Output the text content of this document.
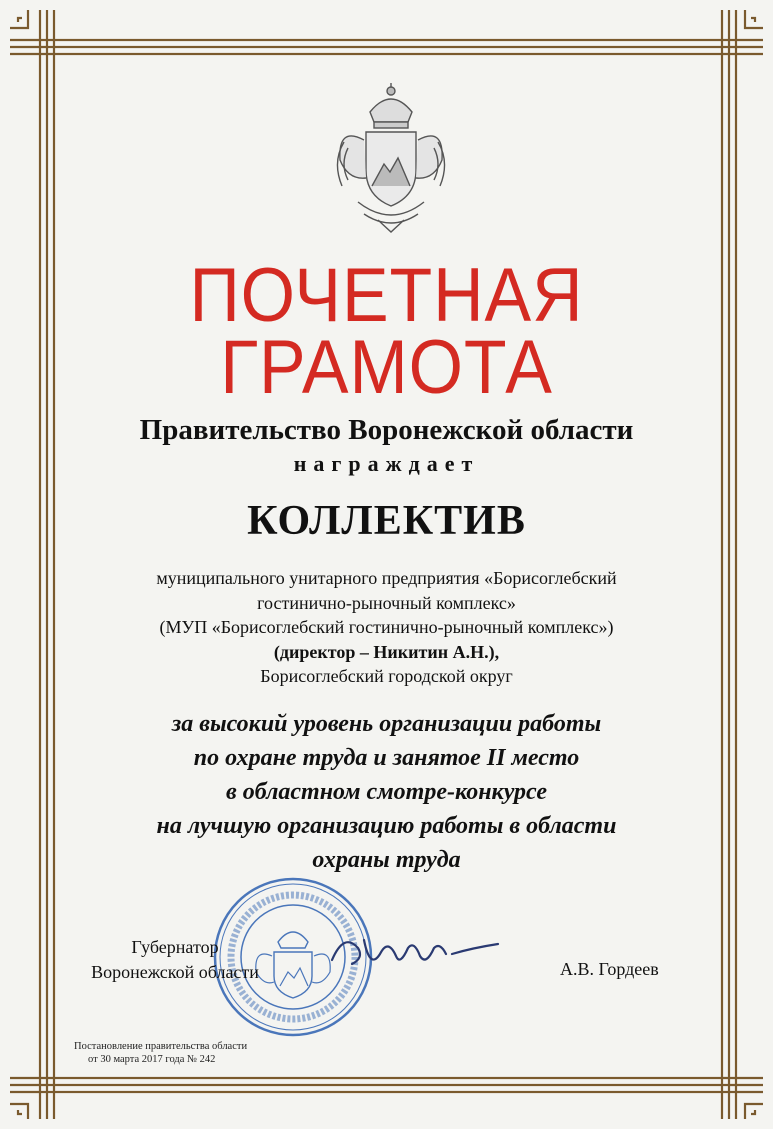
ПОЧЕТНАЯ
ГРАМОТА
Правительство Воронежской области
награждает
КОЛЛЕКТИВ
муниципального унитарного предприятия «Борисоглебский
гостинично-рыночный комплекс»
(МУП «Борисоглебский гостинично-рыночный комплекс»)
(директор – Никитин А.Н.),
Борисоглебский городской округ
за высокий уровень организации работы
по охране труда и занятое II место
в областном смотре-конкурсе
на лучшую организацию работы в области
охраны труда
Губернатор
Воронежской области	А.В. Гордеев
Постановление правительства области
от 30 марта 2017 года № 242
